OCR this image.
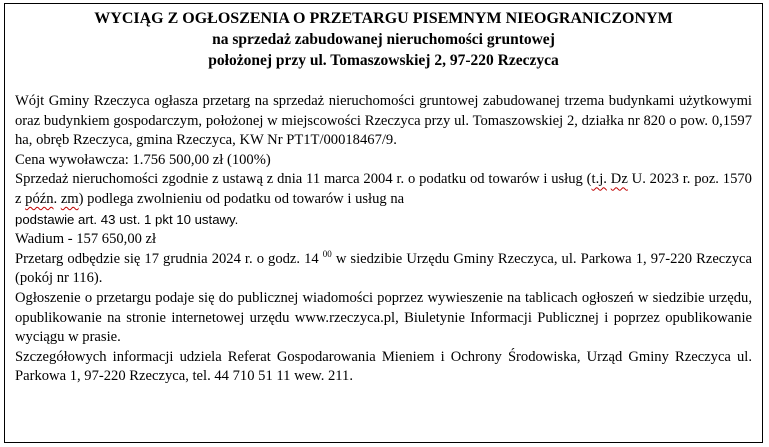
WYCIĄG Z OGŁOSZENIA O PRZETARGU PISEMNYM NIEOGRANICZONYM
na sprzedaż zabudowanej nieruchomości gruntowej
położonej przy ul. Tomaszowskiej 2, 97-220 Rzeczyca

Wójt Gminy Rzeczyca ogłasza przetarg na sprzedaż nieruchomości gruntowej zabudowanej trzema budynkami użytkowymi oraz budynkiem gospodarczym, położonej w miejscowości Rzeczyca przy ul. Tomaszowskiej 2, działka nr 820 o pow. 0,1597 ha, obręb Rzeczyca, gmina Rzeczyca, KW Nr PT1T/00018467/9.

Cena wywoławcza: 1.756 500,00 zł (100%)

Sprzedaż nieruchomości zgodnie z ustawą z dnia 11 marca 2004 r. o podatku od towarów i usług (t.j. Dz U. 2023 r. poz. 1570 z późn. zm) podlega zwolnieniu od podatku od towarów i usług na
podstawie art. 43 ust. 1 pkt 10 ustawy.

Wadium - 157 650,00 zł

Przetarg odbędzie się 17 grudnia 2024 r. o godz. 14 $^{00}$ w siedzibie Urzędu Gminy Rzeczyca, ul. Parkowa 1, 97-220 Rzeczyca (pokój nr 116).

Ogłoszenie o przetargu podaje się do publicznej wiadomości poprzez wywieszenie na tablicach ogłoszeń w siedzibie urzędu, opublikowanie na stronie internetowej urzędu www.rzeczyca.pl, Biuletynie Informacji Publicznej i poprzez opublikowanie wyciągu w prasie.

Szczegółowych informacji udziela Referat Gospodarowania Mieniem i Ochrony Środowiska, Urząd Gminy Rzeczyca ul. Parkowa 1, 97-220 Rzeczyca, tel. 44 710 51 11 wew. 211.
